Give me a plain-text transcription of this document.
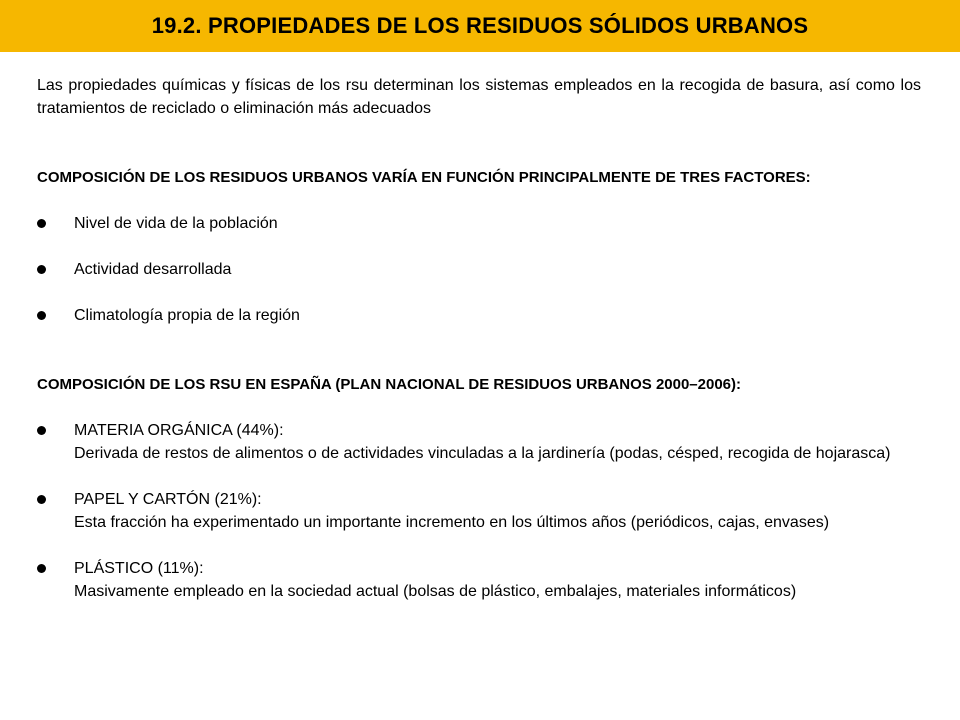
19.2. PROPIEDADES DE LOS RESIDUOS SÓLIDOS URBANOS

Las propiedades químicas y físicas de los rsu determinan los sistemas empleados en la recogida de basura, así como los tratamientos de reciclado o eliminación más adecuados

COMPOSICIÓN DE LOS RESIDUOS URBANOS VARÍA EN FUNCIÓN PRINCIPALMENTE DE TRES FACTORES:

Nivel de vida de la población
Actividad desarrollada
Climatología propia de la región

COMPOSICIÓN DE LOS RSU EN ESPAÑA (PLAN NACIONAL DE RESIDUOS URBANOS 2000–2006):

MATERIA ORGÁNICA (44%):
Derivada de restos de alimentos o de actividades vinculadas a la jardinería (podas, césped, recogida de hojarasca)
PAPEL Y CARTÓN (21%):
Esta fracción ha experimentado un importante incremento en los últimos años (periódicos, cajas, envases)
PLÁSTICO (11%):
Masivamente empleado en la sociedad actual (bolsas de plástico, embalajes, materiales informáticos)
